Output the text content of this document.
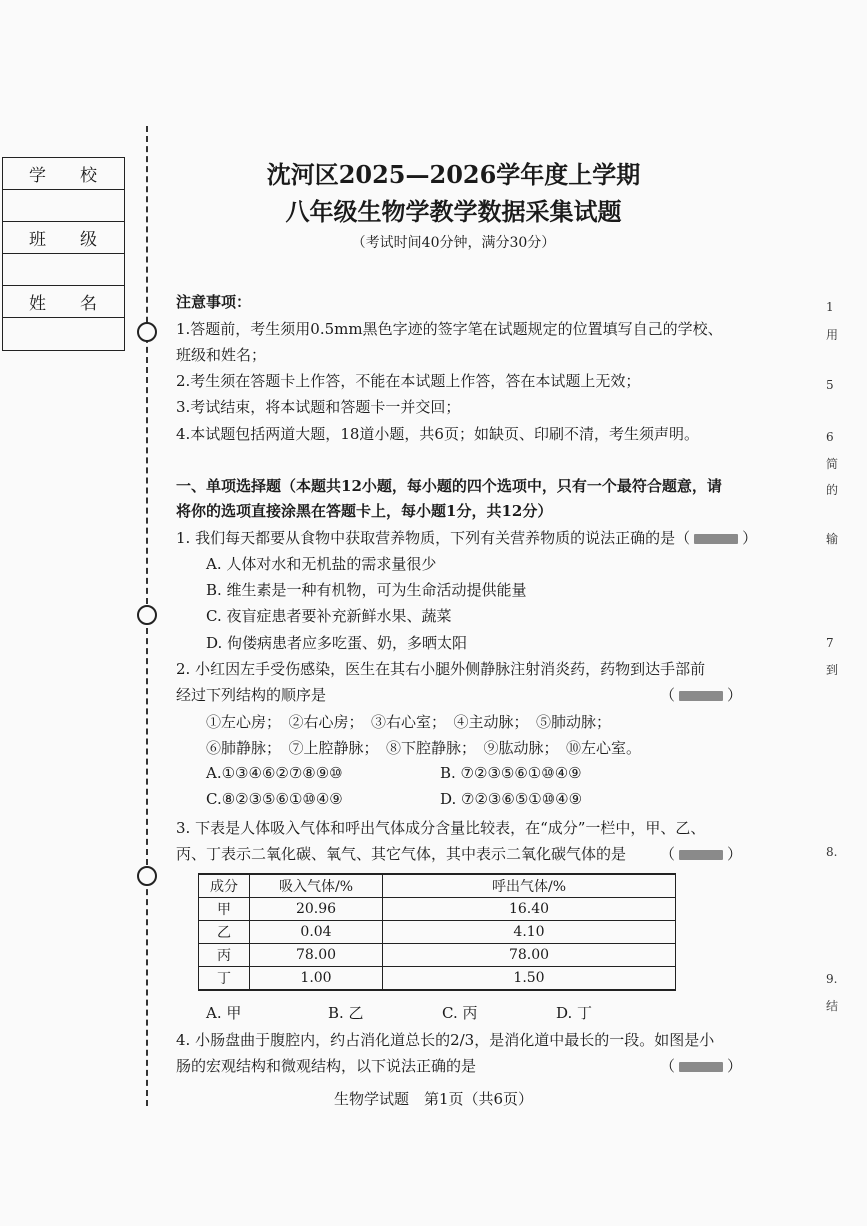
学　　校
班　　级
姓　　名
沈河区2025—2026学年度上学期
八年级生物学教学数据采集试题
（考试时间40分钟，满分30分）
注意事项：
1.答题前，考生须用0.5mm黑色字迹的签字笔在试题规定的位置填写自己的学校、
班级和姓名；
2.考生须在答题卡上作答，不能在本试题上作答，答在本试题上无效；
3.考试结束，将本试题和答题卡一并交回；
4.本试题包括两道大题，18道小题，共6页；如缺页、印刷不清，考生须声明。
一、单项选择题（本题共12小题，每小题的四个选项中，只有一个最符合题意，请
将你的选项直接涂黑在答题卡上，每小题1分，共12分）
1. 我们每天都要从食物中获取营养物质，下列有关营养物质的说法正确的是（	）
A. 人体对水和无机盐的需求量很少
B. 维生素是一种有机物，可为生命活动提供能量
C. 夜盲症患者要补充新鲜水果、蔬菜
D. 佝偻病患者应多吃蛋、奶，多晒太阳
2. 小红因左手受伤感染，医生在其右小腿外侧静脉注射消炎药，药物到达手部前
经过下列结构的顺序是	（	）
①左心房；　②右心房；　③右心室；　④主动脉；　⑤肺动脉；
⑥肺静脉；　⑦上腔静脉；　⑧下腔静脉；　⑨肱动脉；　⑩左心室。
A.①③④⑥②⑦⑧⑨⑩	B. ⑦②③⑤⑥①⑩④⑨
C.⑧②③⑤⑥①⑩④⑨	D. ⑦②③⑥⑤①⑩④⑨
3. 下表是人体吸入气体和呼出气体成分含量比较表，在“成分”一栏中，甲、乙、
丙、丁表示二氧化碳、氧气、其它气体，其中表示二氧化碳气体的是 （	）
成分	吸入气体/%	呼出气体/%
甲	20.96	16.40
乙	0.04	4.10
丙	78.00	78.00
丁	1.00	1.50
A. 甲	B. 乙	C. 丙	D. 丁
4. 小肠盘曲于腹腔内，约占消化道总长的2/3，是消化道中最长的一段。如图是小
肠的宏观结构和微观结构，以下说法正确的是	（	）
1
用
5
6
简
的
输
7
到
8.
9.
结
生物学试题　第1页（共6页）
